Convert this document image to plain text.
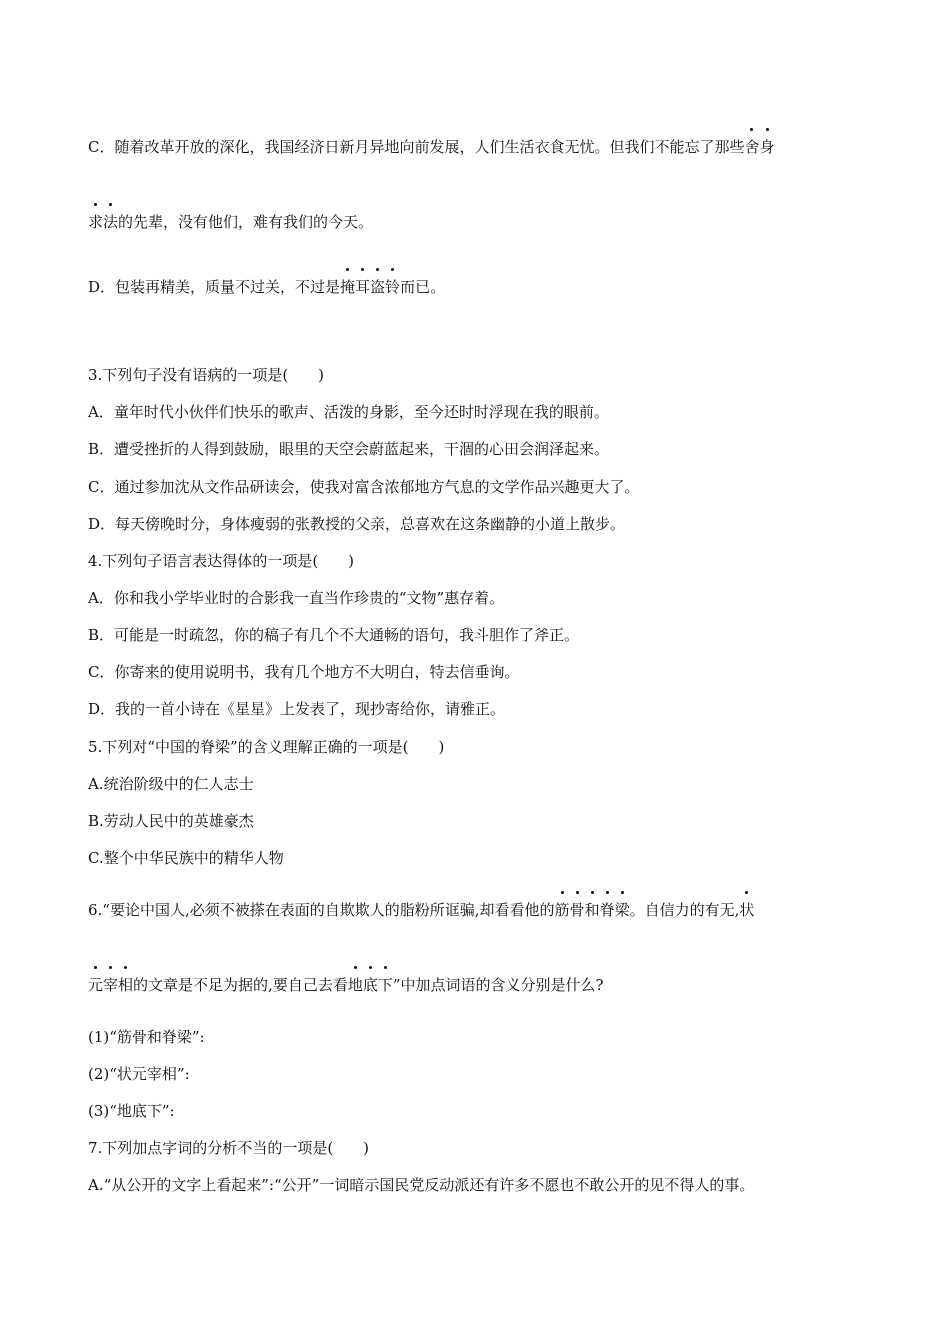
C．随着改革开放的深化，我国经济日新月异地向前发展，人们生活衣食无忧。但我们不能忘了那些舍身
求法的先辈，没有他们，难有我们的今天。
D．包装再精美，质量不过关，不过是掩耳盗铃而已。
3.下列句子没有语病的一项是(　　)
A．童年时代小伙伴们快乐的歌声、活泼的身影，至今还时时浮现在我的眼前。
B．遭受挫折的人得到鼓励，眼里的天空会蔚蓝起来，干涸的心田会润泽起来。
C．通过参加沈从文作品研读会，使我对富含浓郁地方气息的文学作品兴趣更大了。
D．每天傍晚时分，身体瘦弱的张教授的父亲，总喜欢在这条幽静的小道上散步。
4.下列句子语言表达得体的一项是(　　)
A．你和我小学毕业时的合影我一直当作珍贵的“文物”惠存着。
B．可能是一时疏忽，你的稿子有几个不大通畅的语句，我斗胆作了斧正。
C．你寄来的使用说明书，我有几个地方不大明白，特去信垂询。
D．我的一首小诗在《星星》上发表了，现抄寄给你，请雅正。
5.下列对“中国的脊梁”的含义理解正确的一项是(　　)
A.统治阶级中的仁人志士
B.劳动人民中的英雄豪杰
C.整个中华民族中的精华人物
6.“要论中国人,必须不被搽在表面的自欺欺人的脂粉所诓骗,却看看他的筋骨和脊梁。自信力的有无,状
元宰相的文章是不足为据的,要自己去看地底下”中加点词语的含义分别是什么?
(1)“筋骨和脊梁”:
(2)“状元宰相”:
(3)“地底下”:
7.下列加点字词的分析不当的一项是(　　)
A.“从公开的文字上看起来”:“公开”一词暗示国民党反动派还有许多不愿也不敢公开的见不得人的事。
